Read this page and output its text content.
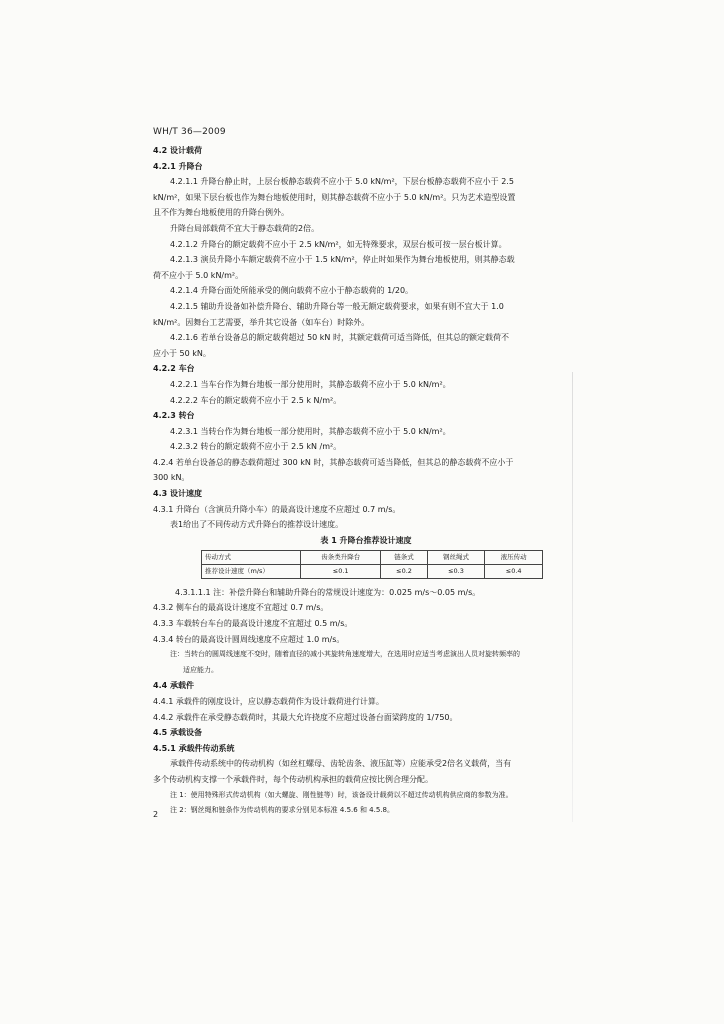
WH/T 36—2009
4.2 设计载荷
4.2.1 升降台
4.2.1.1 升降台静止时，上层台板静态载荷不应小于 5.0 kN/m²，下层台板静态载荷不应小于 2.5
kN/m²，如果下层台板也作为舞台地板使用时，则其静态载荷不应小于 5.0 kN/m²。只为艺术造型设置
且不作为舞台地板使用的升降台例外。
升降台局部载荷不宜大于静态载荷的2倍。
4.2.1.2 升降台的额定载荷不应小于 2.5 kN/m²，如无特殊要求，双层台板可按一层台板计算。
4.2.1.3 演员升降小车额定载荷不应小于 1.5 kN/m²，停止时如果作为舞台地板使用，则其静态载
荷不应小于 5.0 kN/m²。
4.2.1.4 升降台面处所能承受的侧向载荷不应小于静态载荷的 1/20。
4.2.1.5 辅助升设备如补偿升降台、辅助升降台等一般无额定载荷要求，如果有则不宜大于 1.0
kN/m²。因舞台工艺需要，举升其它设备（如车台）时除外。
4.2.1.6 若单台设备总的额定载荷超过 50 kN 时，其额定载荷可适当降低，但其总的额定载荷不
应小于 50 kN。
4.2.2 车台
4.2.2.1 当车台作为舞台地板一部分使用时，其静态载荷不应小于 5.0 kN/m²。
4.2.2.2 车台的额定载荷不应小于 2.5 k N/m²。
4.2.3 转台
4.2.3.1 当转台作为舞台地板一部分使用时，其静态载荷不应小于 5.0 kN/m²。
4.2.3.2 转台的额定载荷不应小于 2.5 kN /m²。
4.2.4 若单台设备总的静态载荷超过 300 kN 时，其静态载荷可适当降低，但其总的静态载荷不应小于
300 kN。
4.3 设计速度
4.3.1 升降台（含演员升降小车）的最高设计速度不应超过 0.7 m/s。
表1给出了不同传动方式升降台的推荐设计速度。
表 1 升降台推荐设计速度
传动方式	齿条类升降台	链条式	钢丝绳式	液压传动
推荐设计速度（m/s）	≤0.1	≤0.2	≤0.3	≤0.4
4.3.1.1.1 注：补偿升降台和辅助升降台的常规设计速度为：0.025 m/s～0.05 m/s。
4.3.2 侧车台的最高设计速度不宜超过 0.7 m/s。
4.3.3 车载转台车台的最高设计速度不宜超过 0.5 m/s。
4.3.4 转台的最高设计圆周线速度不应超过 1.0 m/s。
注：当转台的圆周线速度不变时，随着直径的减小其旋转角速度增大，在选用时应适当考虑演出人员对旋转频率的
适应能力。
4.4 承载件
4.4.1 承载件的刚度设计，应以静态载荷作为设计载荷进行计算。
4.4.2 承载件在承受静态载荷时，其最大允许挠度不应超过设备台面梁跨度的 1/750。
4.5 承载设备
4.5.1 承载件传动系统
承载件传动系统中的传动机构（如丝杠螺母、齿轮齿条、液压缸等）应能承受2倍名义载荷，当有
多个传动机构支撑一个承载件时，每个传动机构承担的载荷应按比例合理分配。
注 1：使用特殊形式传动机构（如大螺旋、刚性链等）时，该备设计载荷以不超过传动机构供应商的参数为准。
注 2：钢丝绳和链条作为传动机构的要求分别见本标准 4.5.6 和 4.5.8。
2
